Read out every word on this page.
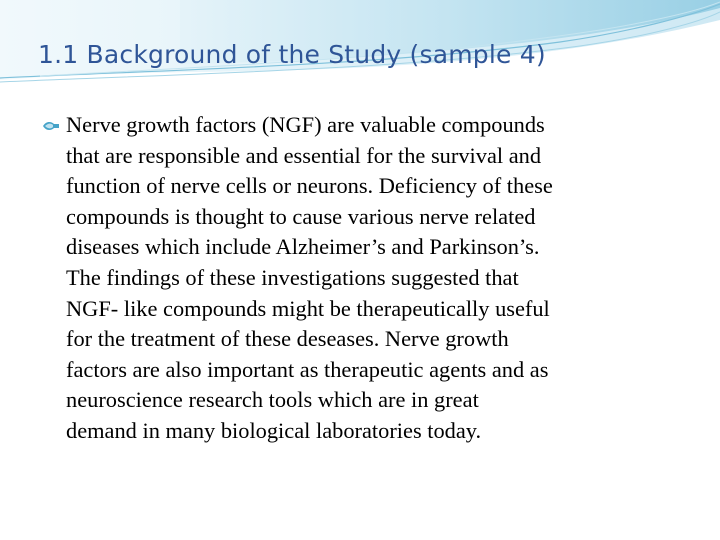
1.1 Background of the Study (sample 4)
Nerve growth factors (NGF) are valuable compounds
that are responsible and essential for the survival and
function of nerve cells or neurons. Deficiency of these
compounds is thought to cause various nerve related
diseases which include Alzheimer’s and Parkinson’s.
The findings of these investigations suggested that
NGF- like compounds might be therapeutically useful
for the treatment of these deseases. Nerve growth
factors are also important as therapeutic agents and as
neuroscience research tools which are in great
demand in many biological laboratories today.
